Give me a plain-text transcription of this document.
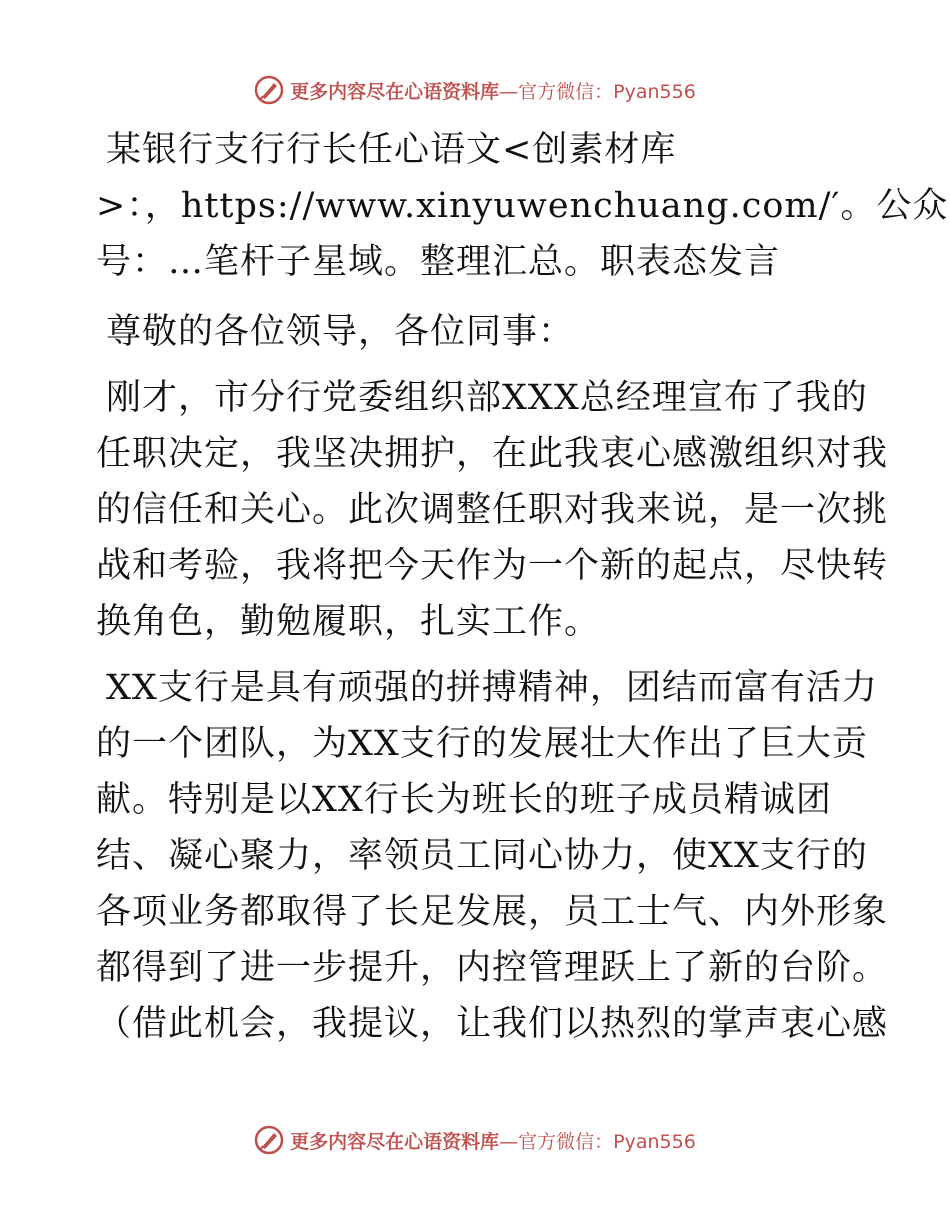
更多内容尽在心语资料库—官方微信：Pyan556
某银行支行行长任心语文<创素材库
>：，https://www.xinyuwenchuang.com/′。公众
号：…笔杆子星域。整理汇总。职表态发言
尊敬的各位领导，各位同事：
刚才，市分行党委组织部XXX总经理宣布了我的
任职决定，我坚决拥护，在此我衷心感激组织对我
的信任和关心。此次调整任职对我来说，是一次挑
战和考验，我将把今天作为一个新的起点，尽快转
换角色，勤勉履职，扎实工作。
XX支行是具有顽强的拼搏精神，团结而富有活力
的一个团队，为XX支行的发展壮大作出了巨大贡
献。特别是以XX行长为班长的班子成员精诚团
结、凝心聚力，率领员工同心协力，使XX支行的
各项业务都取得了长足发展，员工士气、内外形象
都得到了进一步提升，内控管理跃上了新的台阶。
（借此机会，我提议，让我们以热烈的掌声衷心感
更多内容尽在心语资料库—官方微信：Pyan556
